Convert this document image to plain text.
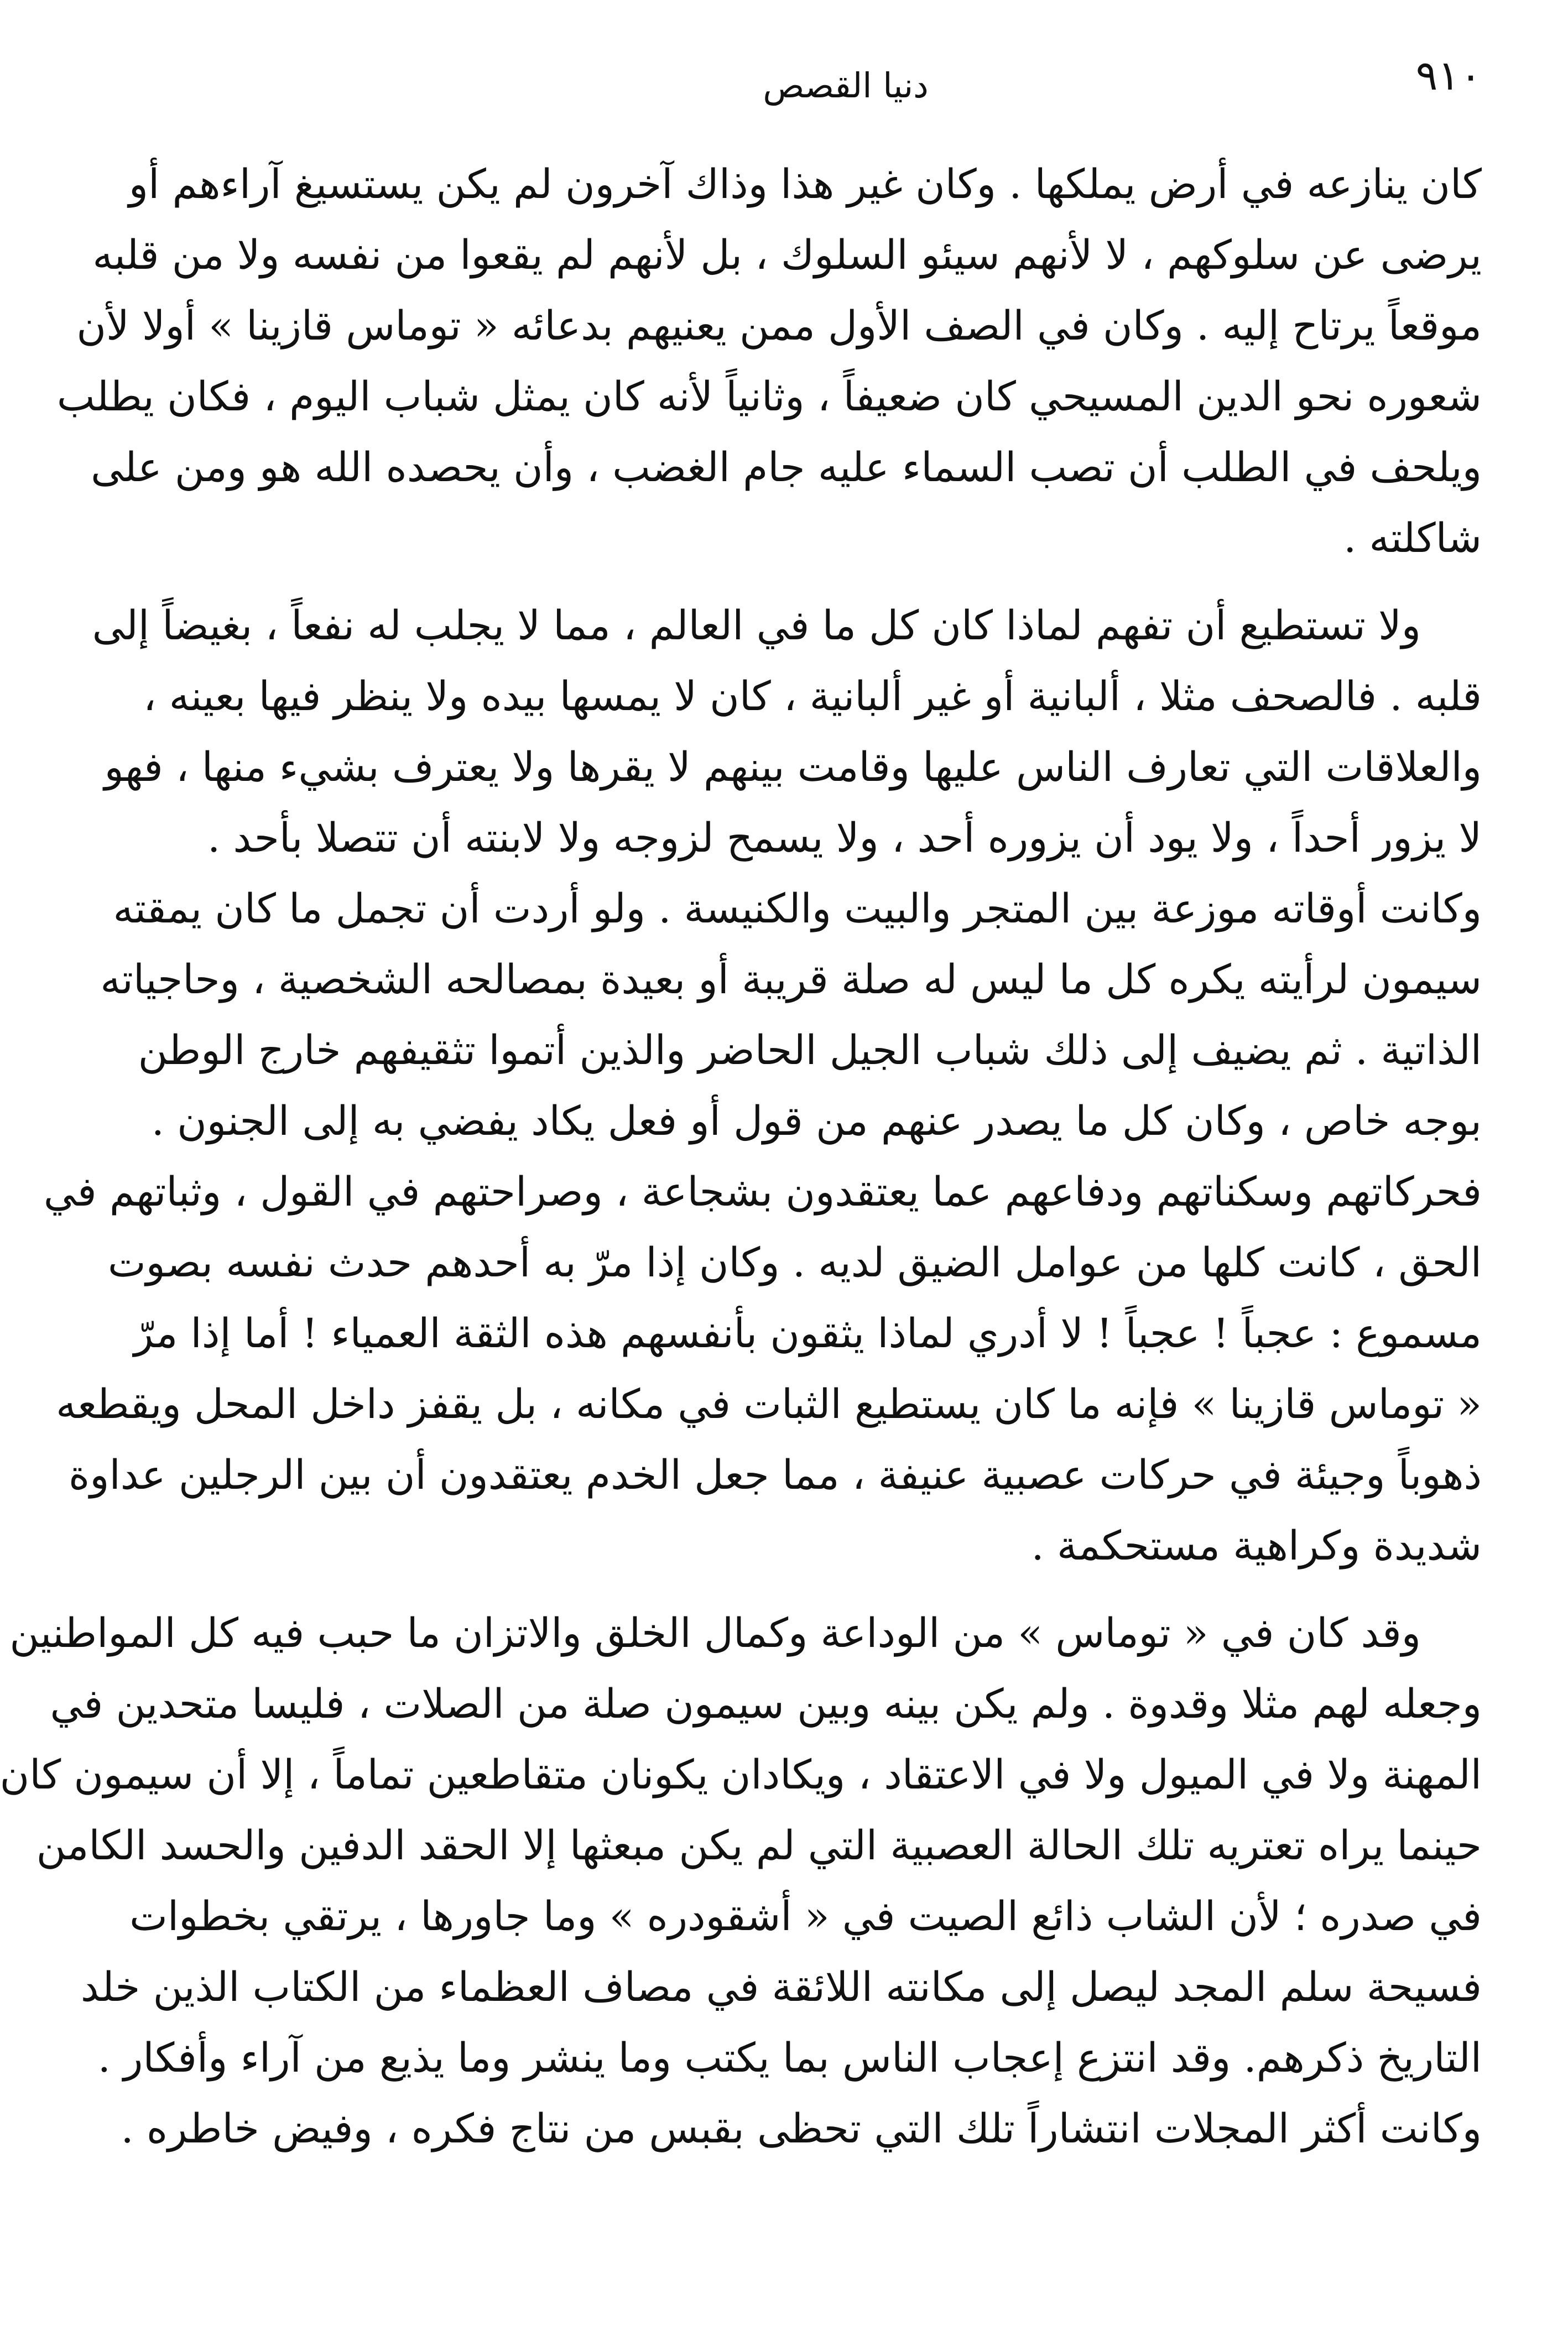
٩١٠
دنيا القصص
كان ينازعه في أرض يملكها . وكان غير هذا وذاك آخرون لم يكن يستسيغ آراءهم أو
يرضى عن سلوكهم ، لا لأنهم سيئو السلوك ، بل لأنهم لم يقعوا من نفسه ولا من قلبه
موقعاً يرتاح إليه . وكان في الصف الأول ممن يعنيهم بدعائه « توماس قازينا » أولا لأن
شعوره نحو الدين المسيحي كان ضعيفاً ، وثانياً لأنه كان يمثل شباب اليوم ، فكان يطلب
ويلحف في الطلب أن تصب السماء عليه جام الغضب ، وأن يحصده الله هو ومن على
شاكلته .
ولا تستطيع أن تفهم لماذا كان كل ما في العالم ، مما لا يجلب له نفعاً ، بغيضاً إلى
قلبه . فالصحف مثلا ، ألبانية أو غير ألبانية ، كان لا يمسها بيده ولا ينظر فيها بعينه ،
والعلاقات التي تعارف الناس عليها وقامت بينهم لا يقرها ولا يعترف بشيء منها ، فهو
لا يزور أحداً ، ولا يود أن يزوره أحد ، ولا يسمح لزوجه ولا لابنته أن تتصلا بأحد .
وكانت أوقاته موزعة بين المتجر والبيت والكنيسة . ولو أردت أن تجمل ما كان يمقته
سيمون لرأيته يكره كل ما ليس له صلة قريبة أو بعيدة بمصالحه الشخصية ، وحاجياته
الذاتية . ثم يضيف إلى ذلك شباب الجيل الحاضر والذين أتموا تثقيفهم خارج الوطن
بوجه خاص ، وكان كل ما يصدر عنهم من قول أو فعل يكاد يفضي به إلى الجنون .
فحركاتهم وسكناتهم ودفاعهم عما يعتقدون بشجاعة ، وصراحتهم في القول ، وثباتهم في
الحق ، كانت كلها من عوامل الضيق لديه . وكان إذا مرّ به أحدهم حدث نفسه بصوت
مسموع : عجباً ! عجباً ! لا أدري لماذا يثقون بأنفسهم هذه الثقة العمياء ! أما إذا مرّ
« توماس قازينا » فإنه ما كان يستطيع الثبات في مكانه ، بل يقفز داخل المحل ويقطعه
ذهوباً وجيئة في حركات عصبية عنيفة ، مما جعل الخدم يعتقدون أن بين الرجلين عداوة
شديدة وكراهية مستحكمة .
وقد كان في « توماس » من الوداعة وكمال الخلق والاتزان ما حبب فيه كل المواطنين
وجعله لهم مثلا وقدوة . ولم يكن بينه وبين سيمون صلة من الصلات ، فليسا متحدين في
المهنة ولا في الميول ولا في الاعتقاد ، ويكادان يكونان متقاطعين تماماً ، إلا أن سيمون كان
حينما يراه تعتريه تلك الحالة العصبية التي لم يكن مبعثها إلا الحقد الدفين والحسد الكامن
في صدره ؛ لأن الشاب ذائع الصيت في « أشقودره » وما جاورها ، يرتقي بخطوات
فسيحة سلم المجد ليصل إلى مكانته اللائقة في مصاف العظماء من الكتاب الذين خلد
التاريخ ذكرهم. وقد انتزع إعجاب الناس بما يكتب وما ينشر وما يذيع من آراء وأفكار .
وكانت أكثر المجلات انتشاراً تلك التي تحظى بقبس من نتاج فكره ، وفيض خاطره .
